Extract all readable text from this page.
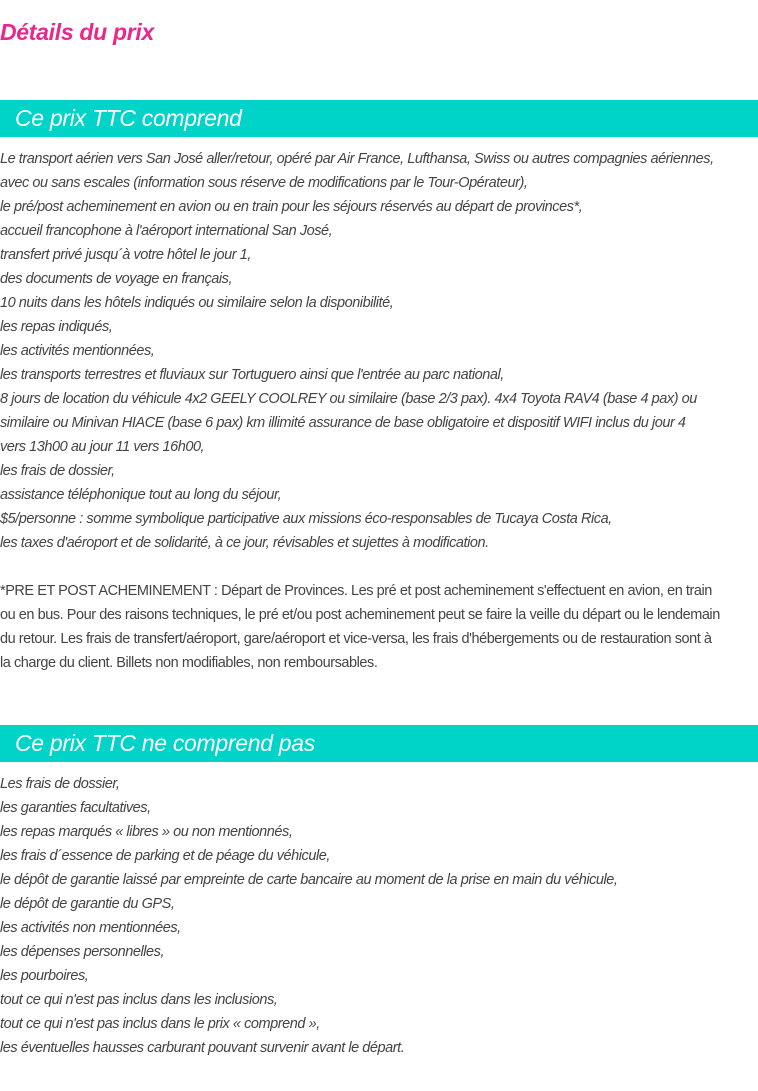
Détails du prix
Ce prix TTC comprend
Le transport aérien vers San José aller/retour, opéré par Air France, Lufthansa, Swiss ou autres compagnies aériennes,
avec ou sans escales (information sous réserve de modifications par le Tour-Opérateur),
le pré/post acheminement en avion ou en train pour les séjours réservés au départ de provinces*,
accueil francophone à l'aéroport international San José,
transfert privé jusqu´à votre hôtel le jour 1,
des documents de voyage en français,
10 nuits dans les hôtels indiqués ou similaire selon la disponibilité,
les repas indiqués,
les activités mentionnées,
les transports terrestres et fluviaux sur Tortuguero ainsi que l'entrée au parc national,
8 jours de location du véhicule 4x2 GEELY COOLREY ou similaire (base 2/3 pax). 4x4 Toyota RAV4 (base 4 pax) ou
similaire ou Minivan HIACE (base 6 pax) km illimité assurance de base obligatoire et dispositif WIFI inclus du jour 4
vers 13h00 au jour 11 vers 16h00,
les frais de dossier,
assistance téléphonique tout au long du séjour,
$5/personne : somme symbolique participative aux missions éco-responsables de Tucaya Costa Rica,
les taxes d'aéroport et de solidarité, à ce jour, révisables et sujettes à modification.
*PRE ET POST ACHEMINEMENT : Départ de Provinces. Les pré et post acheminement s'effectuent en avion, en train
ou en bus. Pour des raisons techniques, le pré et/ou post acheminement peut se faire la veille du départ ou le lendemain
du retour. Les frais de transfert/aéroport, gare/aéroport et vice-versa, les frais d'hébergements ou de restauration sont à
la charge du client. Billets non modifiables, non remboursables.
Ce prix TTC ne comprend pas
Les frais de dossier,
les garanties facultatives,
les repas marqués « libres » ou non mentionnés,
les frais d´essence de parking et de péage du véhicule,
le dépôt de garantie laissé par empreinte de carte bancaire au moment de la prise en main du véhicule,
le dépôt de garantie du GPS,
les activités non mentionnées,
les dépenses personnelles,
les pourboires,
tout ce qui n'est pas inclus dans les inclusions,
tout ce qui n'est pas inclus dans le prix « comprend »,
les éventuelles hausses carburant pouvant survenir avant le départ.
